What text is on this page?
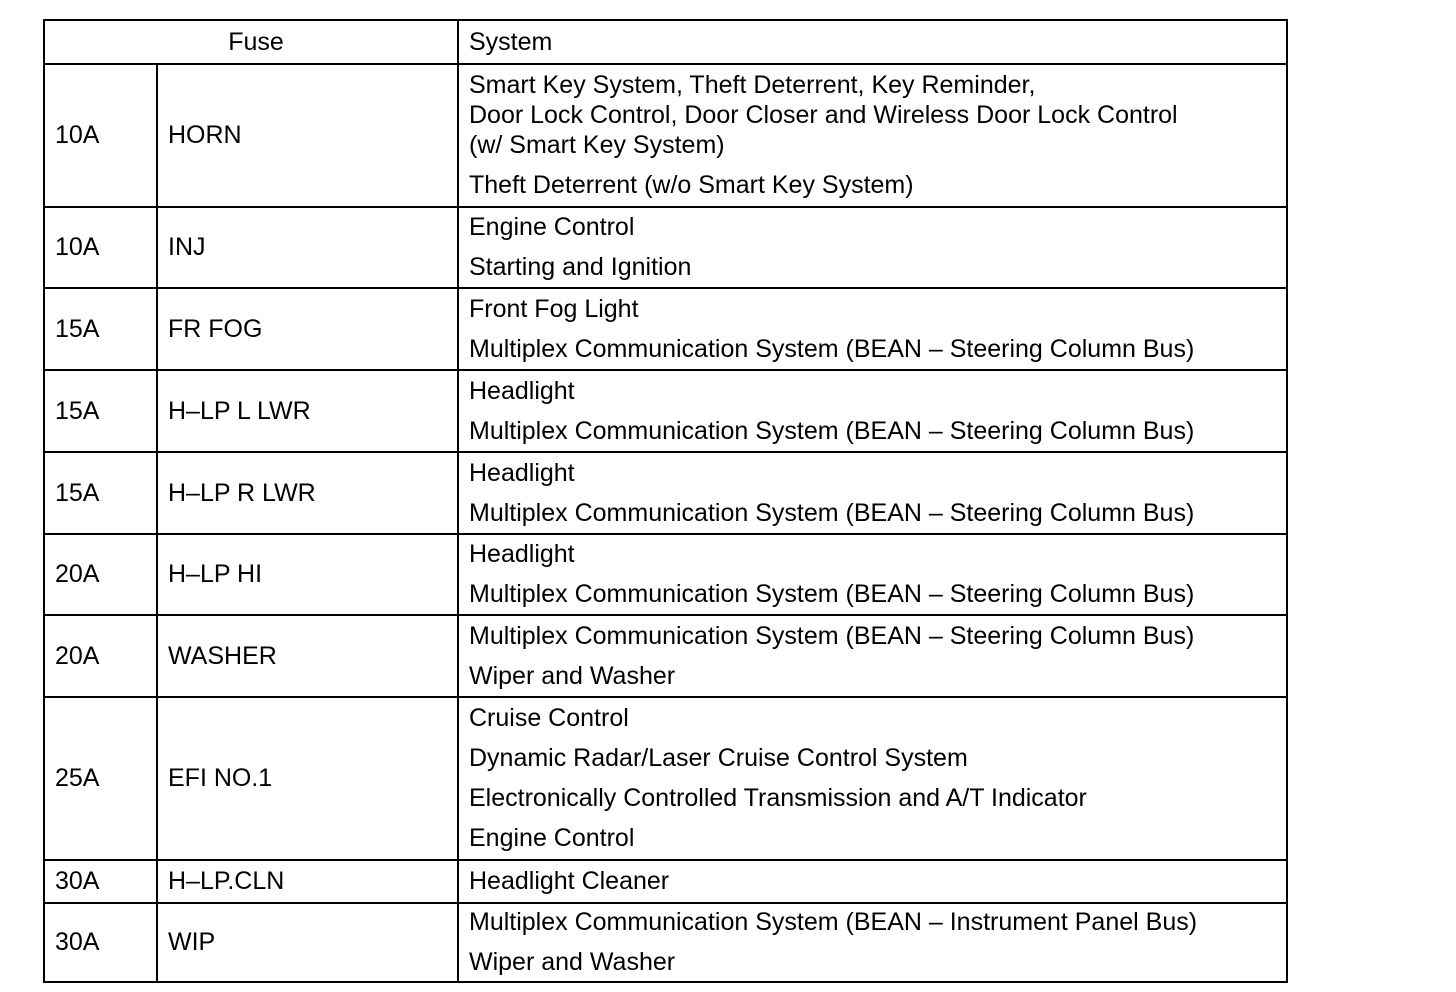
Fuse		System
10A	HORN	Smart Key System, Theft Deterrent, Key Reminder,
Door Lock Control, Door Closer and Wireless Door Lock Control
(w/ Smart Key System)
Theft Deterrent (w/o Smart Key System)

10A	INJ	Engine Control
Starting and Ignition

15A	FR FOG	Front Fog Light
Multiplex Communication System (BEAN – Steering Column Bus)

15A	H–LP L LWR	Headlight
Multiplex Communication System (BEAN – Steering Column Bus)

15A	H–LP R LWR	Headlight
Multiplex Communication System (BEAN – Steering Column Bus)

20A	H–LP HI	Headlight
Multiplex Communication System (BEAN – Steering Column Bus)

20A	WASHER	Multiplex Communication System (BEAN – Steering Column Bus)
Wiper and Washer

25A	EFI NO.1	Cruise Control
Dynamic Radar/Laser Cruise Control System
Electronically Controlled Transmission and A/T Indicator
Engine Control

30A	H–LP.CLN	Headlight Cleaner

30A	WIP	Multiplex Communication System (BEAN – Instrument Panel Bus)
Wiper and Washer
